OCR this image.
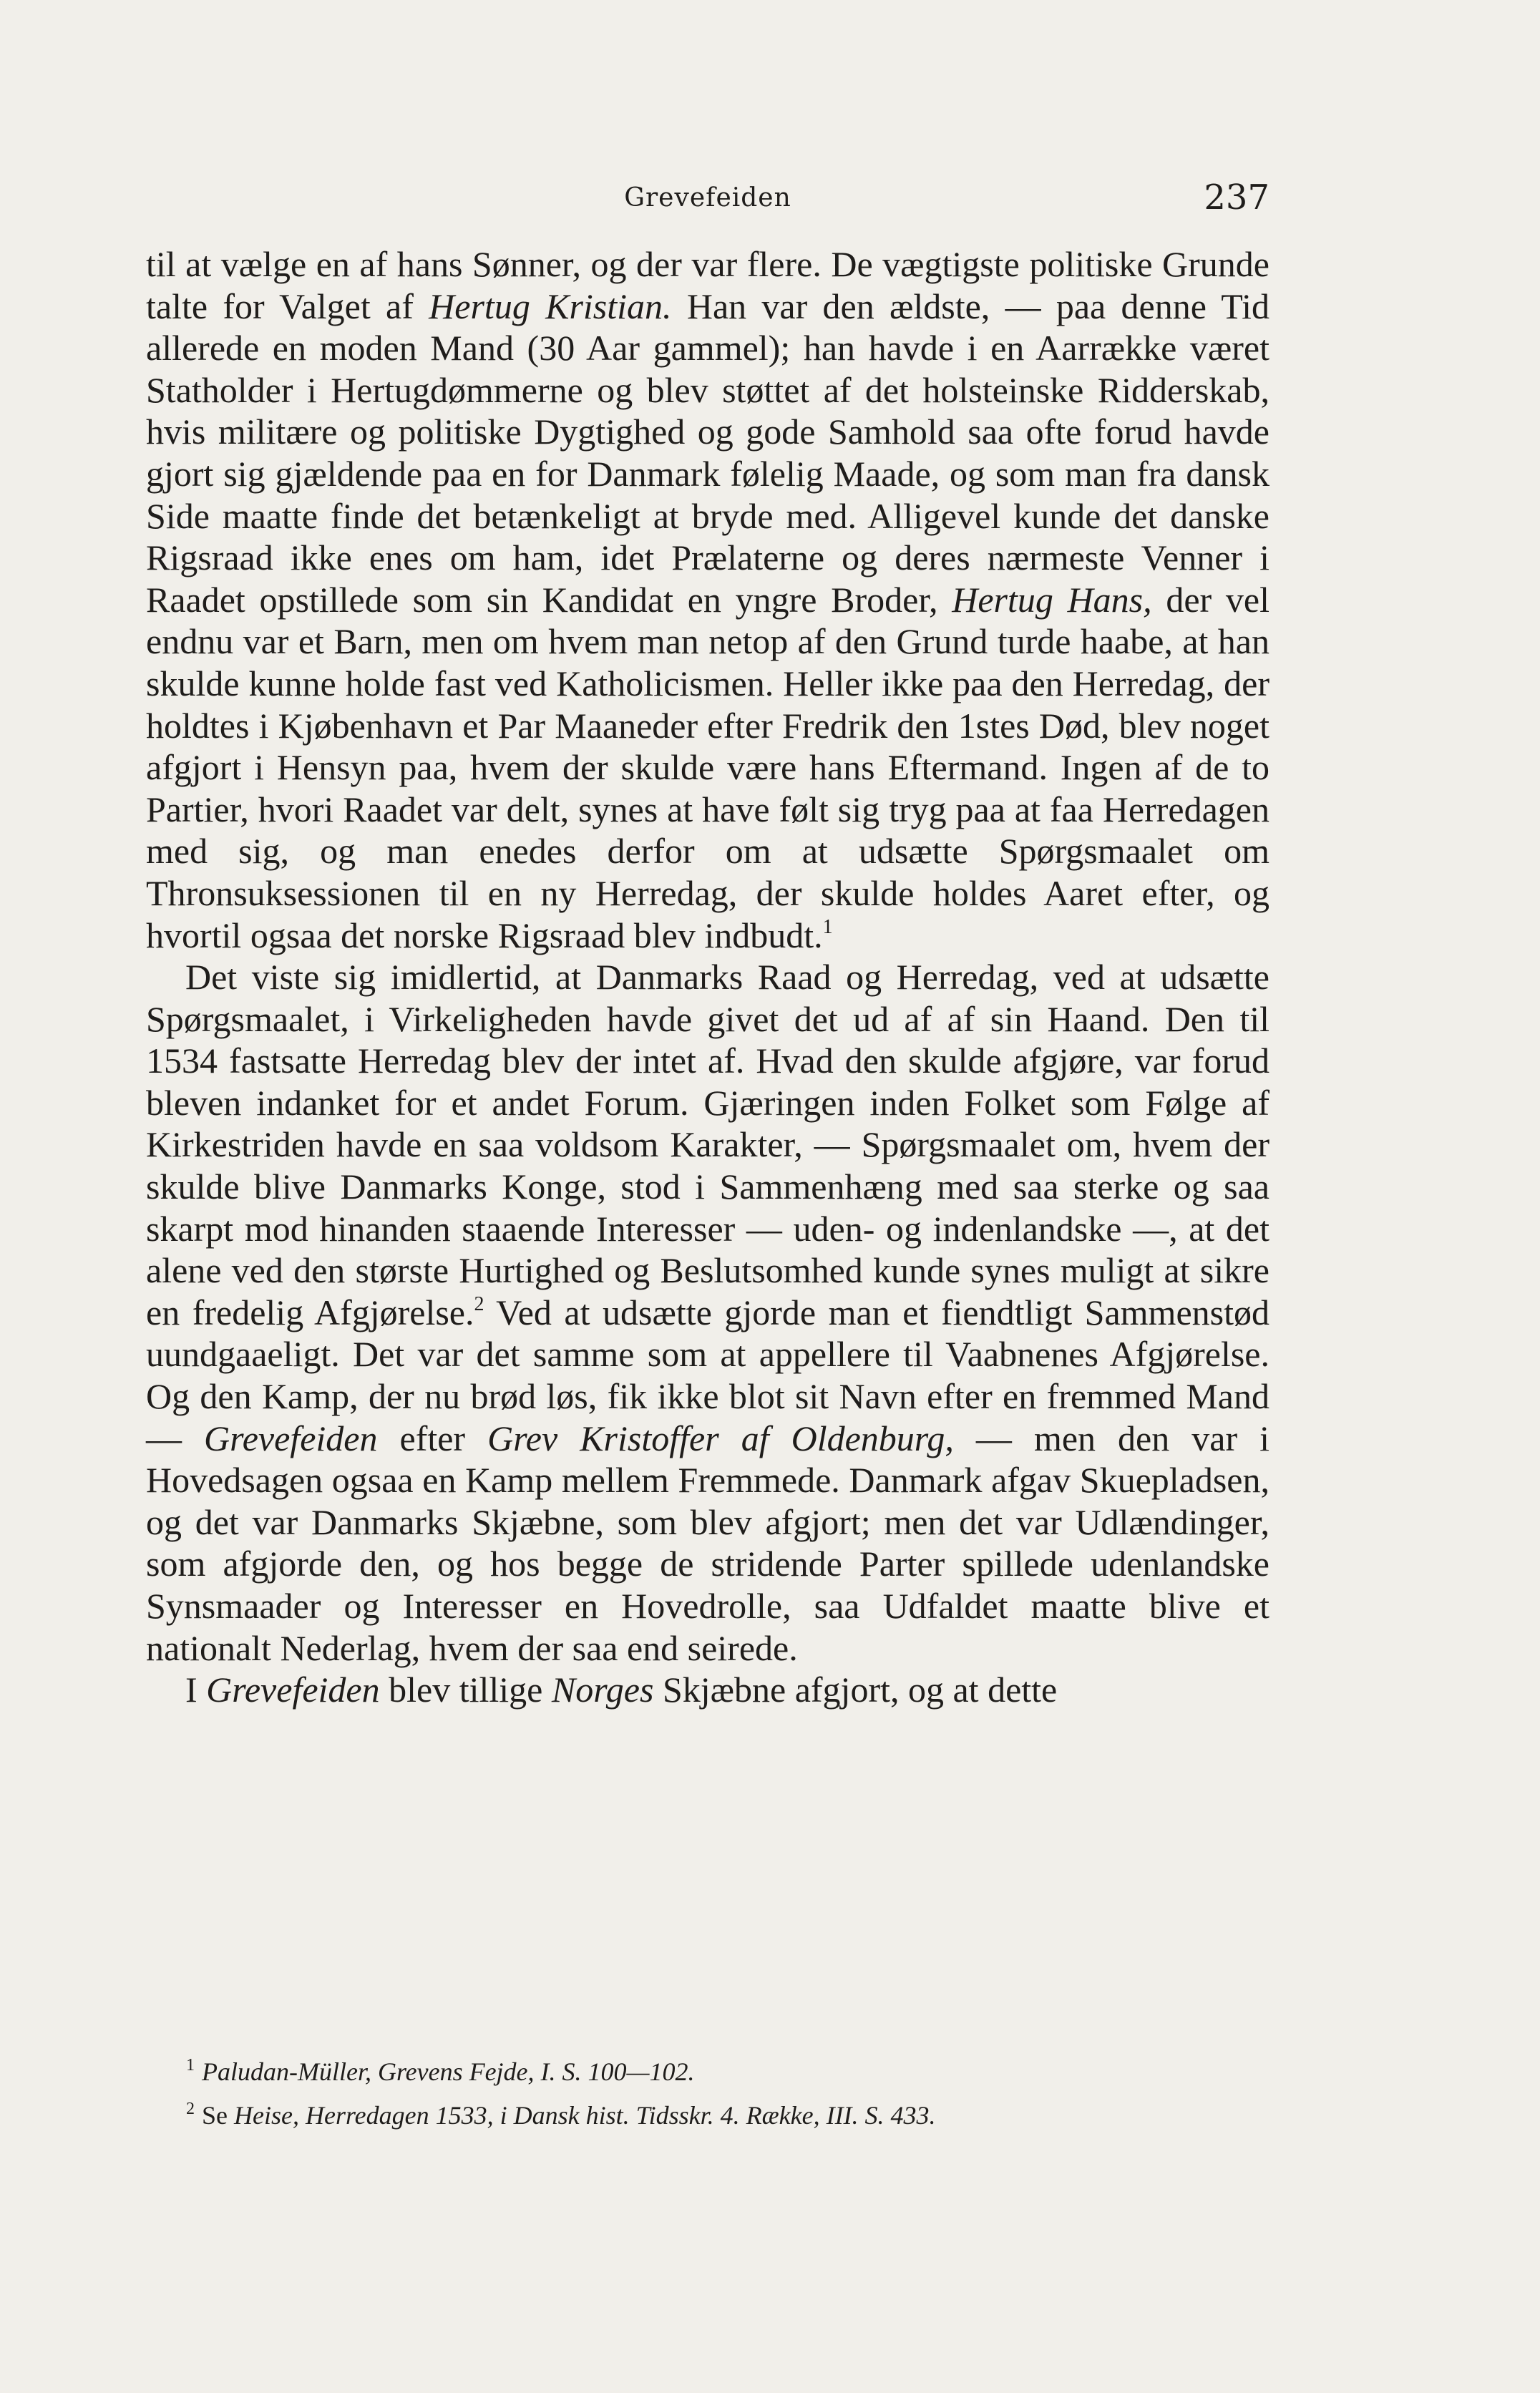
Grevefeiden	237

til at vælge en af hans Sønner, og der var flere. De vægtigste politiske Grunde talte for Valget af Hertug Kristian. Han var den ældste, — paa denne Tid allerede en moden Mand (30 Aar gammel); han havde i en Aarrække været Statholder i Hertugdømmerne og blev støttet af det holsteinske Ridderskab, hvis militære og politiske Dygtighed og gode Samhold saa ofte forud havde gjort sig gjældende paa en for Danmark følelig Maade, og som man fra dansk Side maatte finde det betænkeligt at bryde med. Alligevel kunde det danske Rigsraad ikke enes om ham, idet Prælaterne og deres nærmeste Venner i Raadet opstillede som sin Kandidat en yngre Broder, Hertug Hans, der vel endnu var et Barn, men om hvem man netop af den Grund turde haabe, at han skulde kunne holde fast ved Katholicismen. Heller ikke paa den Herredag, der holdtes i Kjøbenhavn et Par Maaneder efter Fredrik den 1stes Død, blev noget afgjort i Hensyn paa, hvem der skulde være hans Eftermand. Ingen af de to Partier, hvori Raadet var delt, synes at have følt sig tryg paa at faa Herredagen med sig, og man enedes derfor om at udsætte Spørgsmaalet om Thronsuksessionen til en ny Herredag, der skulde holdes Aaret efter, og hvortil ogsaa det norske Rigsraad blev indbudt.$^1$

Det viste sig imidlertid, at Danmarks Raad og Herredag, ved at udsætte Spørgsmaalet, i Virkeligheden havde givet det ud af af sin Haand. Den til 1534 fastsatte Herredag blev der intet af. Hvad den skulde afgjøre, var forud bleven indanket for et andet Forum. Gjæringen inden Folket som Følge af Kirkestriden havde en saa voldsom Karakter, — Spørgsmaalet om, hvem der skulde blive Danmarks Konge, stod i Sammenhæng med saa sterke og saa skarpt mod hinanden staaende Interesser — uden- og indenlandske —, at det alene ved den største Hurtighed og Beslutsomhed kunde synes muligt at sikre en fredelig Afgjørelse.$^2$ Ved at udsætte gjorde man et fiendtligt Sammenstød uundgaaeligt. Det var det samme som at appellere til Vaabnenes Afgjørelse. Og den Kamp, der nu brød løs, fik ikke blot sit Navn efter en fremmed Mand — Grevefeiden efter Grev Kristoffer af Oldenburg, — men den var i Hovedsagen ogsaa en Kamp mellem Fremmede. Danmark afgav Skuepladsen, og det var Danmarks Skjæbne, som blev afgjort; men det var Udlændinger, som afgjorde den, og hos begge de stridende Parter spillede udenlandske Synsmaader og Interesser en Hovedrolle, saa Udfaldet maatte blive et nationalt Nederlag, hvem der saa end seirede.

I Grevefeiden blev tillige Norges Skjæbne afgjort, og at dette

$^1$ Paludan-Müller, Grevens Fejde, I. S. 100—102.
$^2$ Se Heise, Herredagen 1533, i Dansk hist. Tidsskr. 4. Række, III. S. 433.
